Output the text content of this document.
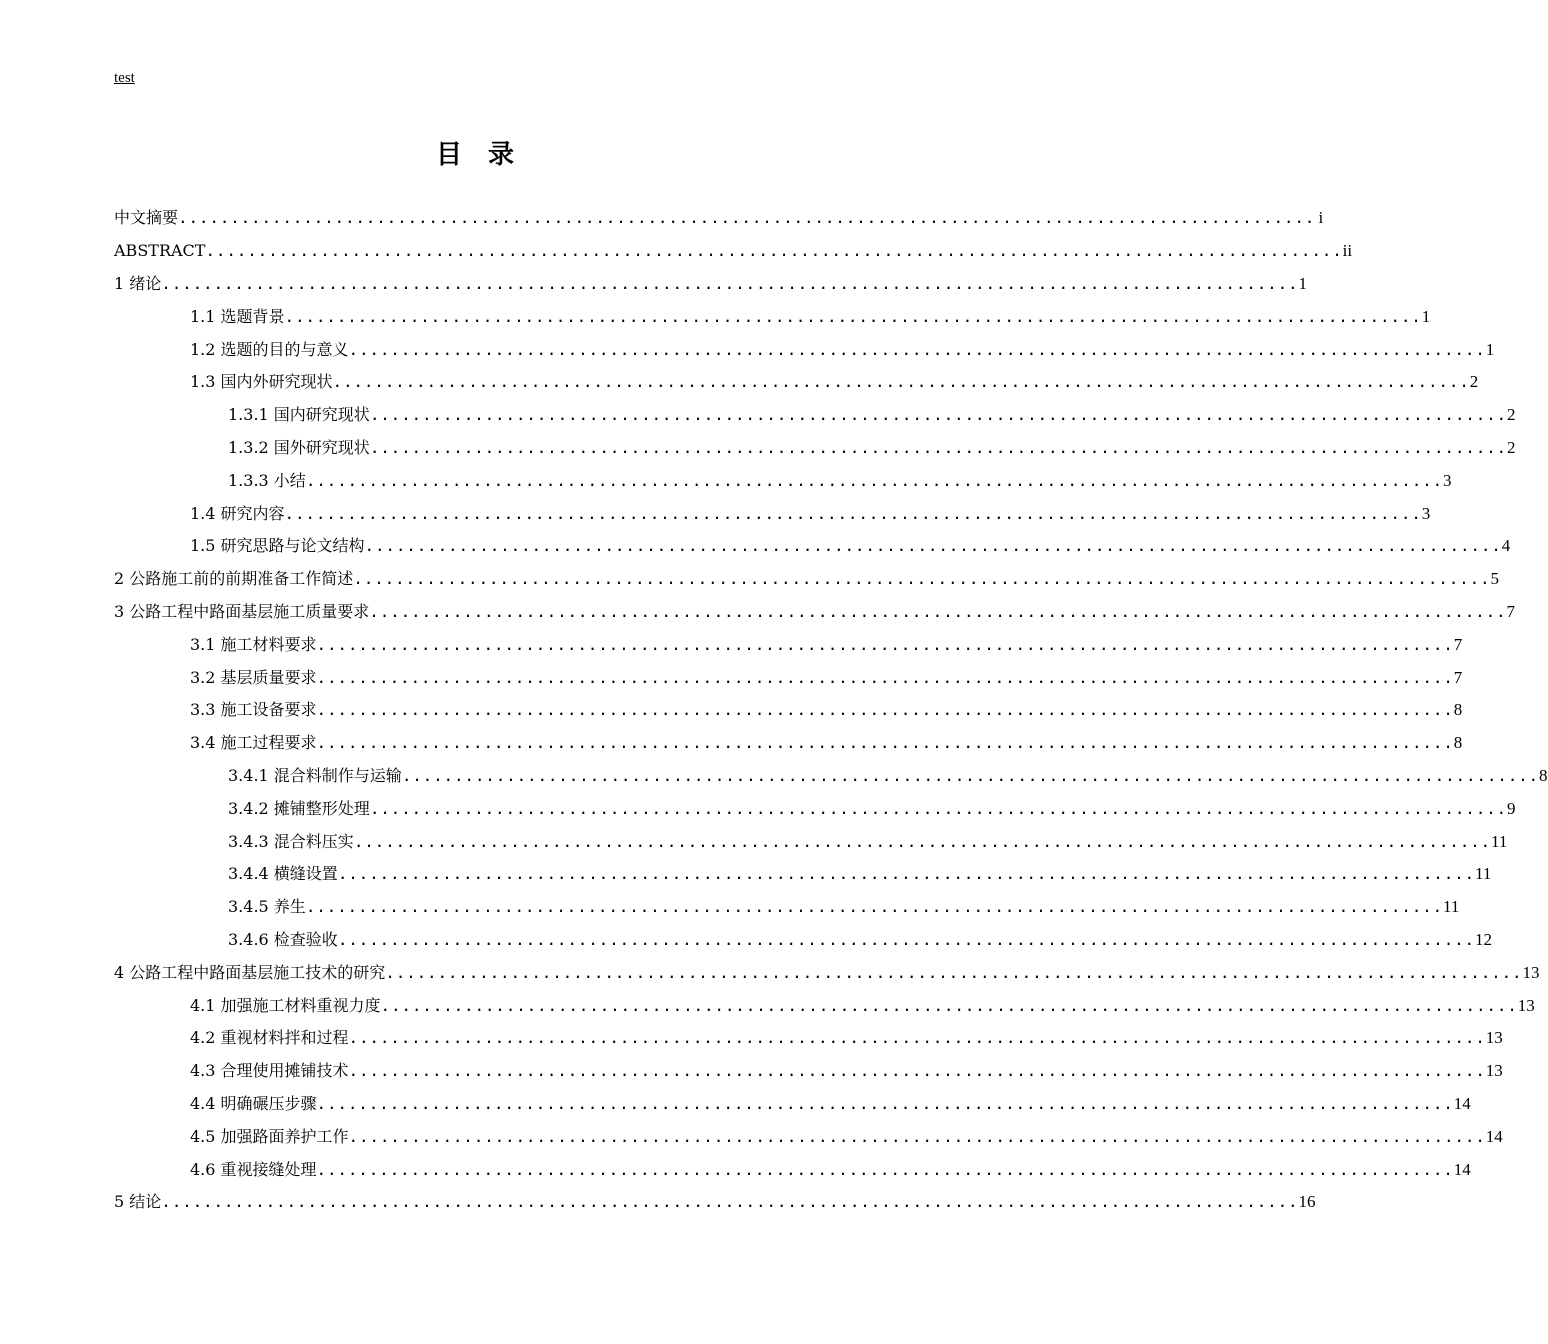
test
目　录
中文摘要 ............................................................................................................. i
ABSTRACT ............................................................................................................. ii
1 绪论 ............................................................................................................. 1
1.1 选题背景 ............................................................................................................. 1
1.2 选题的目的与意义 ............................................................................................................. 1
1.3 国内外研究现状 ............................................................................................................. 2
1.3.1 国内研究现状 ............................................................................................................. 2
1.3.2 国外研究现状 ............................................................................................................. 2
1.3.3 小结 ............................................................................................................. 3
1.4 研究内容 ............................................................................................................. 3
1.5 研究思路与论文结构 ............................................................................................................. 4
2 公路施工前的前期准备工作简述 ............................................................................................................. 5
3 公路工程中路面基层施工质量要求 ............................................................................................................. 7
3.1 施工材料要求 ............................................................................................................. 7
3.2 基层质量要求 ............................................................................................................. 7
3.3 施工设备要求 ............................................................................................................. 8
3.4 施工过程要求 ............................................................................................................. 8
3.4.1 混合料制作与运输 ............................................................................................................. 8
3.4.2 摊铺整形处理 ............................................................................................................. 9
3.4.3 混合料压实 ............................................................................................................. 11
3.4.4 横缝设置 ............................................................................................................. 11
3.4.5 养生 ............................................................................................................. 11
3.4.6 检查验收 ............................................................................................................. 12
4 公路工程中路面基层施工技术的研究 ............................................................................................................. 13
4.1 加强施工材料重视力度 ............................................................................................................. 13
4.2 重视材料拌和过程 ............................................................................................................. 13
4.3 合理使用摊铺技术 ............................................................................................................. 13
4.4 明确碾压步骤 ............................................................................................................. 14
4.5 加强路面养护工作 ............................................................................................................. 14
4.6 重视接缝处理 ............................................................................................................. 14
5 结论 ............................................................................................................. 16
